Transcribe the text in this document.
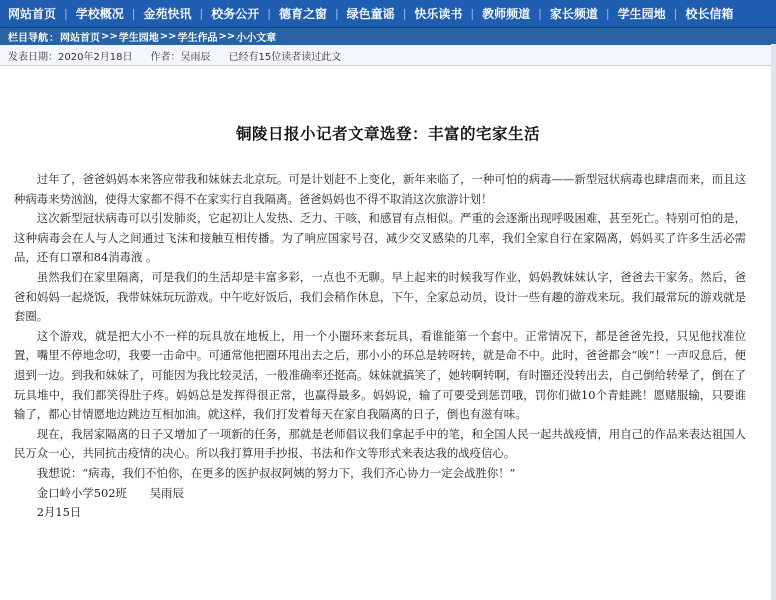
网站首页 | 学校概况 | 金苑快讯 | 校务公开 | 德育之窗 | 绿色童谣 | 快乐读书 | 教师频道 | 家长频道 | 学生园地 | 校长信箱
栏目导航 ： 网站首页 >> 学生园地 >> 学生作品 >> 小小文章
发表日期：2020年2月18日 作者：吴雨辰 已经有15位读者读过此文
铜陵日报小记者文章选登：丰富的宅家生活

过年了，爸爸妈妈本来答应带我和妹妹去北京玩。可是计划赶不上变化，新年来临了，一种可怕的病毒——新型冠状病毒也肆虐而来，而且这种病毒来势汹汹，使得大家都不得不在家实行自我隔离。爸爸妈妈也不得不取消这次旅游计划！

这次新型冠状病毒可以引发肺炎，它起初让人发热、乏力、干咳，和感冒有点相似。严重的会逐渐出现呼吸困难，甚至死亡。特别可怕的是，这种病毒会在人与人之间通过飞沫和接触互相传播。为了响应国家号召，减少交叉感染的几率，我们全家自行在家隔离，妈妈买了许多生活必需品，还有口罩和84消毒液 。

虽然我们在家里隔离，可是我们的生活却是丰富多彩，一点也不无聊。早上起来的时候我写作业，妈妈教妹妹认字，爸爸去干家务。然后，爸爸和妈妈一起烧饭，我带妹妹玩玩游戏。中午吃好饭后，我们会稍作休息，下午，全家总动员，设计一些有趣的游戏来玩。我们最常玩的游戏就是套圈。

这个游戏，就是把大小不一样的玩具放在地板上，用一个小圈环来套玩具，看谁能第一个套中。正常情况下，都是爸爸先投，只见他找准位置，嘴里不停地念叨，我要一击命中。可通常他把圈环甩出去之后，那小小的环总是转呀转，就是命不中。此时，爸爸都会“唉”！一声叹息后，便退到一边。到我和妹妹了，可能因为我比较灵活，一般准确率还挺高。妹妹就搞笑了，她转啊转啊，有时圈还没转出去，自己倒给转晕了，倒在了玩具堆中，我们都笑得肚子疼。妈妈总是发挥得很正常，也赢得最多。妈妈说，输了可要受到惩罚哦，罚你们做10个青蛙跳！愿赌服输，只要谁输了，都心甘情愿地边跳边互相加油。就这样，我们打发着每天在家自我隔离的日子，倒也有滋有味。

现在，我居家隔离的日子又增加了一项新的任务，那就是老师倡议我们拿起手中的笔，和全国人民一起共战疫情，用自己的作品来表达祖国人民万众一心，共同抗击疫情的决心。所以我打算用手抄报、书法和作文等形式来表达我的战疫信心。

我想说：“病毒，我们不怕你，在更多的医护叔叔阿姨的努力下，我们齐心协力一定会战胜你！”

金口岭小学502班　　吴雨辰

2月15日
